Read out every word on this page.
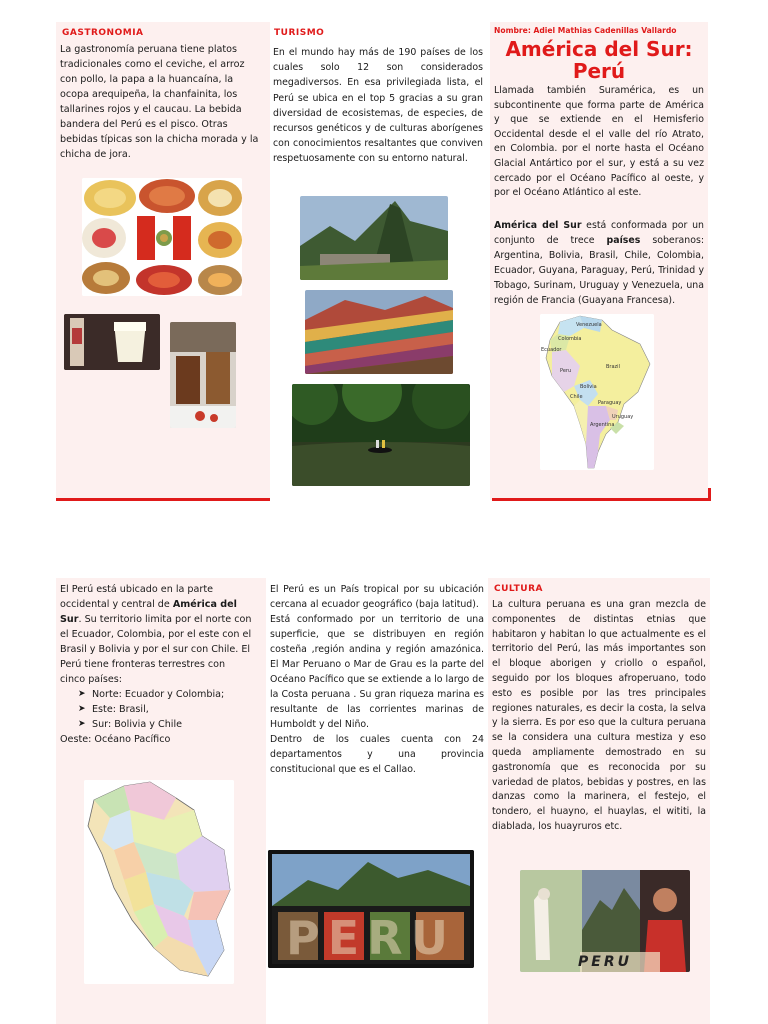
GASTRONOMIA
La gastronomía peruana tiene platos tradicionales como el ceviche, el arroz con pollo, la papa a la huancaína, la ocopa arequipeña, la chanfainita, los tallarines rojos y el caucau. La bebida bandera del Perú es el pisco. Otras bebidas típicas son la chicha morada y la chicha de jora.
TURISMO
En el mundo hay más de 190 países de los cuales solo 12 son considerados megadiversos. En esa privilegiada lista, el Perú se ubica en el top 5 gracias a su gran diversidad de ecosistemas, de especies, de recursos genéticos y de culturas aborígenes con conocimientos resaltantes que conviven respetuosamente con su entorno natural.
Nombre: Adiel Mathias Cadenillas Vallardo
América del Sur:
Perú
Llamada también Suramérica, es un subcontinente que forma parte de América y que se extiende en el Hemisferio Occidental desde el el valle del río Atrato, en Colombia. por el norte hasta el Océano Glacial Antártico por el sur, y está a su vez cercado por el Océano Pacífico al oeste, y por el Océano Atlántico al este.
América del Sur está conformada por un conjunto de trece países soberanos: Argentina, Bolivia, Brasil, Chile, Colombia, Ecuador, Guyana, Paraguay, Perú, Trinidad y Tobago, Surinam, Uruguay y Venezuela, una región de Francia (Guayana Francesa).
Venezuela
Colombia
Ecuador
Brazil
Peru
Bolivia
Chile
Paraguay
Argentina
Uruguay
El Perú está ubicado en la parte occidental y central de América del Sur. Su territorio limita por el norte con el Ecuador, Colombia, por el este con el Brasil y Bolivia y por el sur con Chile. El Perú tiene fronteras terrestres con cinco países:
➤ Norte: Ecuador y Colombia;
➤ Este: Brasil,
➤ Sur: Bolivia y Chile
Oeste: Océano Pacífico
El Perú es un País tropical por su ubicación cercana al ecuador geográfico (baja latitud).
Está conformado por un territorio de una superficie, que se distribuyen en región costeña ,región andina y región amazónica. El Mar Peruano o Mar de Grau es la parte del Océano Pacífico que se extiende a lo largo de la Costa peruana . Su gran riqueza marina es resultante de las corrientes marinas de Humboldt y del Niño.
Dentro de los cuales cuenta con 24 departamentos y una provincia constitucional que es el Callao.
PERU
CULTURA
La cultura peruana es una gran mezcla de componentes de distintas etnias que habitaron y habitan lo que actualmente es el territorio del Perú, las más importantes son el bloque aborigen y criollo o español, seguido por los bloques afroperuano, todo esto es posible por las tres principales regiones naturales, es decir la costa, la selva y la sierra. Es por eso que la cultura peruana se la considera una cultura mestiza y eso queda ampliamente demostrado en su gastronomía que es reconocida por su variedad de platos, bebidas y postres, en las danzas como la marinera, el festejo, el tondero, el huayno, el huaylas, el wititi, la diablada, los huayruros etc.
PERU
